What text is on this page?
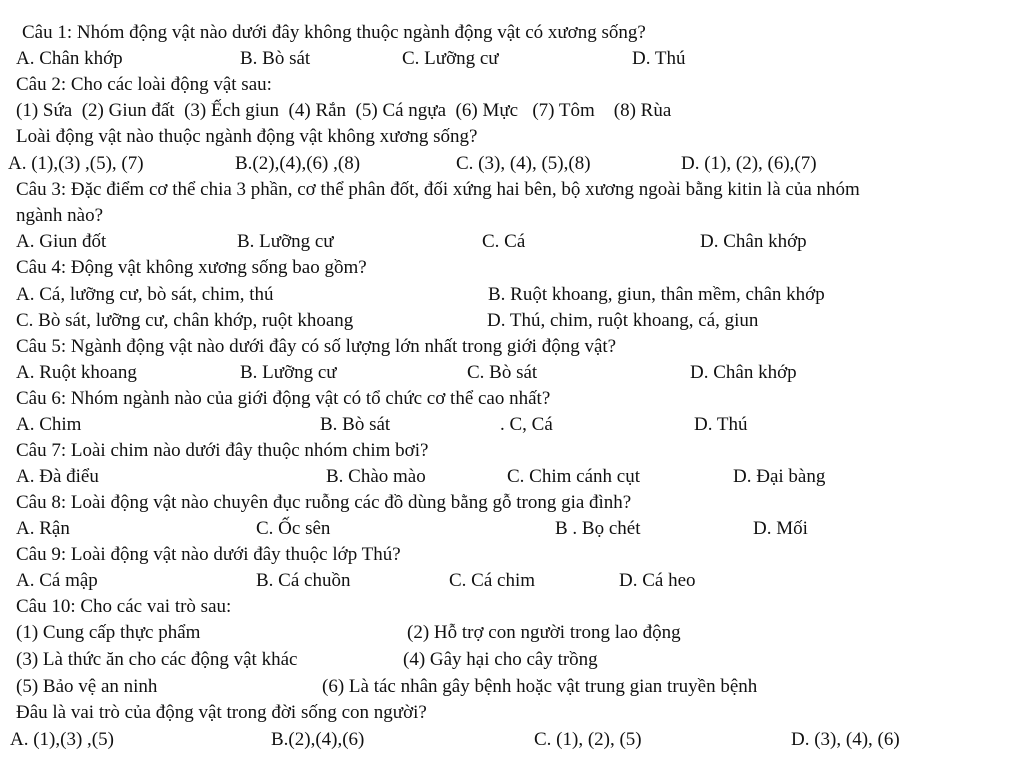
Câu 1: Nhóm động vật nào dưới đây không thuộc ngành động vật có xương sống?
A. Chân khớp	B. Bò sát	C. Lưỡng cư	D. Thú
Câu 2: Cho các loài động vật sau:
(1) Sứa  (2) Giun đất  (3) Ếch giun  (4) Rắn  (5) Cá ngựa  (6) Mực   (7) Tôm    (8) Rùa
Loài động vật nào thuộc ngành động vật không xương sống?
A. (1),(3) ,(5), (7)	B.(2),(4),(6) ,(8)	C. (3), (4), (5),(8)	D. (1), (2), (6),(7)
Câu 3: Đặc điểm cơ thể chia 3 phần, cơ thể phân đốt, đối xứng hai bên, bộ xương ngoài bằng kitin là của nhóm
ngành nào?
A. Giun đốt	B. Lưỡng cư	C. Cá	D. Chân khớp
Câu 4: Động vật không xương sống bao gồm?
A. Cá, lưỡng cư, bò sát, chim, thú	B. Ruột khoang, giun, thân mềm, chân khớp
C. Bò sát, lưỡng cư, chân khớp, ruột khoang	D. Thú, chim, ruột khoang, cá, giun
Câu 5: Ngành động vật nào dưới đây có số lượng lớn nhất trong giới động vật?
A. Ruột khoang	B. Lưỡng cư	C. Bò sát	D. Chân khớp
Câu 6: Nhóm ngành nào của giới động vật có tổ chức cơ thể cao nhất?
A. Chim	B. Bò sát	. C, Cá	D. Thú
Câu 7: Loài chim nào dưới đây thuộc nhóm chim bơi?
A. Đà điểu	B. Chào mào	C. Chim cánh cụt	D. Đại bàng
Câu 8: Loài động vật nào chuyên đục ruỗng các đồ dùng bằng gỗ trong gia đình?
A. Rận	C. Ốc sên	B . Bọ chét	D. Mối
Câu 9: Loài động vật nào dưới đây thuộc lớp Thú?
A. Cá mập	B. Cá chuồn	C. Cá chim	D. Cá heo
Câu 10: Cho các vai trò sau:
(1) Cung cấp thực phẩm	(2) Hỗ trợ con người trong lao động
(3) Là thức ăn cho các động vật khác	(4) Gây hại cho cây trồng
(5) Bảo vệ an ninh	(6) Là tác nhân gây bệnh hoặc vật trung gian truyền bệnh
Đâu là vai trò của động vật trong đời sống con người?
A. (1),(3) ,(5)	B.(2),(4),(6)	C. (1), (2), (5)	D. (3), (4), (6)
